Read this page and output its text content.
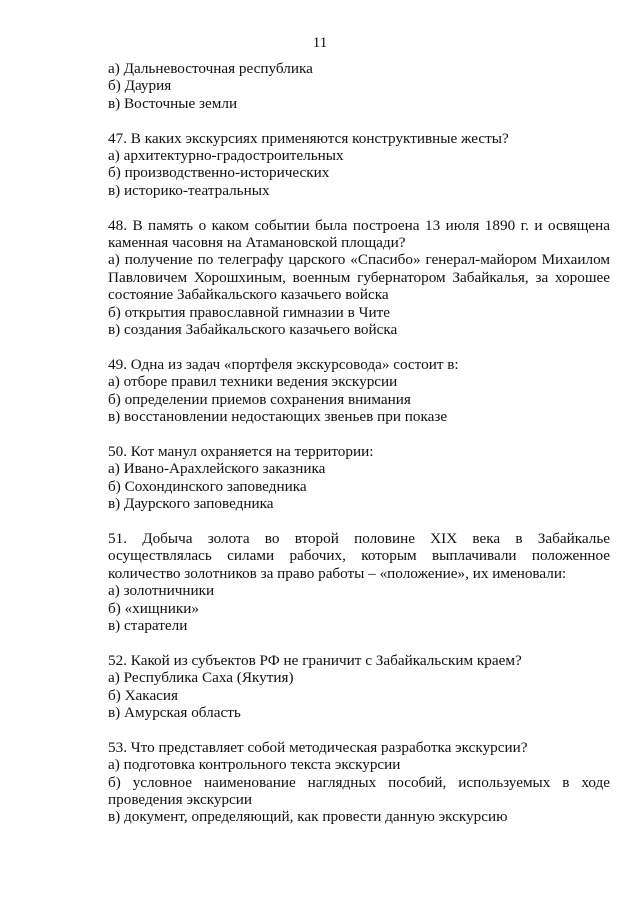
11
а) Дальневосточная республика
б) Даурия
в) Восточные земли
47. В каких экскурсиях применяются конструктивные жесты?
а) архитектурно-градостроительных
б) производственно-исторических
в) историко-театральных
48. В память о каком событии была построена 13 июля 1890 г. и освящена
каменная часовня на Атамановской площади?
а) получение по телеграфу царского «Спасибо» генерал-майором Михаилом
Павловичем Хорошхиным, военным губернатором Забайкалья, за хорошее
состояние Забайкальского казачьего войска
б) открытия православной гимназии в Чите
в) создания Забайкальского казачьего войска
49. Одна из задач «портфеля экскурсовода» состоит в:
а) отборе правил техники ведения экскурсии
б) определении приемов сохранения внимания
в) восстановлении недостающих звеньев при показе
50. Кот манул охраняется на территории:
а) Ивано-Арахлейского заказника
б) Сохондинского заповедника
в) Даурского заповедника
51. Добыча золота во второй половине XIX века в Забайкалье
осуществлялась силами рабочих, которым выплачивали положенное
количество золотников за право работы – «положение», их именовали:
а) золотничники
б) «хищники»
в) старатели
52. Какой из субъектов РФ не граничит с Забайкальским краем?
а) Республика Саха (Якутия)
б) Хакасия
в) Амурская область
53. Что представляет собой методическая разработка экскурсии?
а) подготовка контрольного текста экскурсии
б) условное наименование наглядных пособий, используемых в ходе
проведения экскурсии
в) документ, определяющий, как провести данную экскурсию
